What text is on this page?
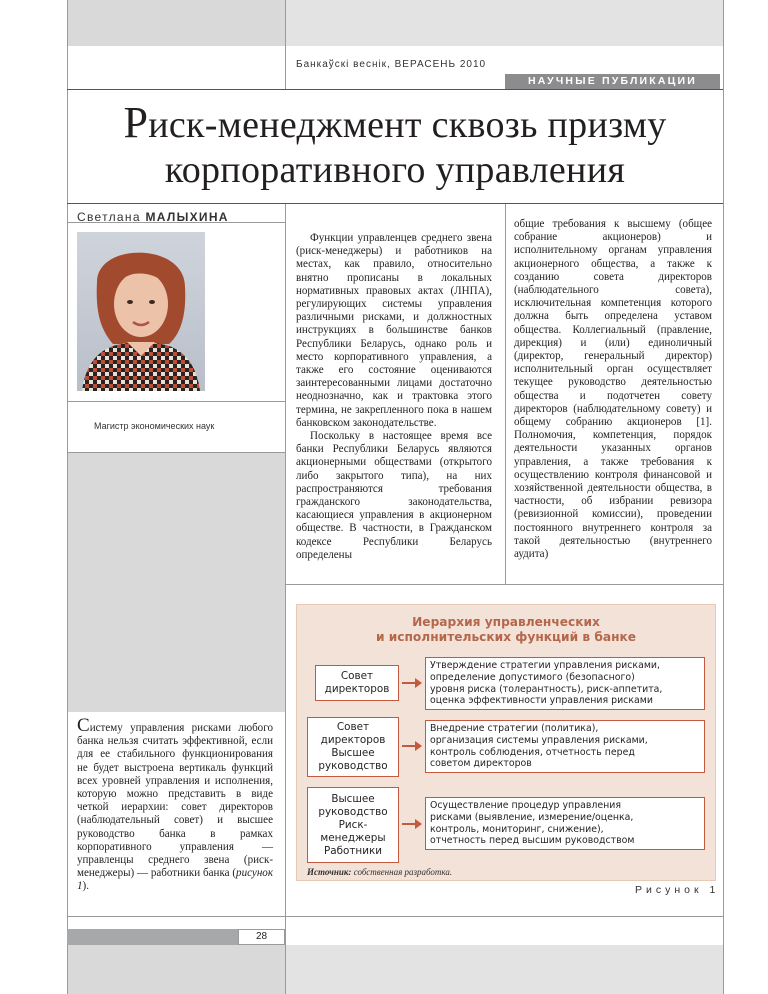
Банкаўскі веснік, ВЕРАСЕНЬ 2010
НАУЧНЫЕ ПУБЛИКАЦИИ
Риск-менеджмент сквозь призму
корпоративного управления
Светлана МАЛЫХИНА
Магистр экономических наук

Функции управленцев среднего звена (риск-менеджеры) и работников на местах, как правило, относительно внятно прописаны в локальных нормативных правовых актах (ЛНПА), регулирующих системы управления различными рисками, и должностных инструкциях в большинстве банков Республики Беларусь, однако роль и место корпоративного управления, а также его состояние оцениваются заинтересованными лицами достаточно неоднозначно, как и трактовка этого термина, не закрепленного пока в нашем банковском законодательстве.

Поскольку в настоящее время все банки Республики Беларусь являются акционерными обществами (открытого либо закрытого типа), на них распространяются требования гражданского законодательства, касающиеся управления в акционерном обществе. В частности, в Гражданском кодексе Республики Беларусь определены

общие требования к высшему (общее собрание акционеров) и исполнительному органам управления акционерного общества, а также к созданию совета директоров (наблюдательного совета), исключительная компетенция которого должна быть определена уставом общества. Коллегиальный (правление, дирекция) и (или) единоличный (директор, генеральный директор) исполнительный орган осуществляет текущее руководство деятельностью общества и подотчетен совету директоров (наблюдательному совету) и общему собранию акционеров [1]. Полномочия, компетенция, порядок деятельности указанных органов управления, а также требования к осуществлению контроля финансовой и хозяйственной деятельности общества, в частности, об избрании ревизора (ревизионной комиссии), проведении постоянного внутреннего контроля за такой деятельностью (внутреннего аудита)

Систему управления рисками любого банка нельзя считать эффективной, если для ее стабильного функционирования не будет выстроена вертикаль функций всех уровней управления и исполнения, которую можно представить в виде четкой иерархии: совет директоров (наблюдательный совет) и высшее руководство банка в рамках корпоративного управления — управленцы среднего звена (риск-менеджеры) — работники банка (рисунок 1).

Иерархия управленческих
и исполнительских функций в банке
Совет
директоров
Утверждение стратегии управления рисками,
определение допустимого (безопасного)
уровня риска (толерантность), риск-аппетита,
оценка эффективности управления рисками
Совет
директоров
Высшее
руководство
Внедрение стратегии (политика),
организация системы управления рисками,
контроль соблюдения, отчетность перед
советом директоров
Высшее
руководство
Риск-
менеджеры
Работники
Осуществление процедур управления
рисками (выявление, измерение/оценка,
контроль, мониторинг, снижение),
отчетность перед высшим руководством
Источник: собственная разработка.
Рисунок 1
28
